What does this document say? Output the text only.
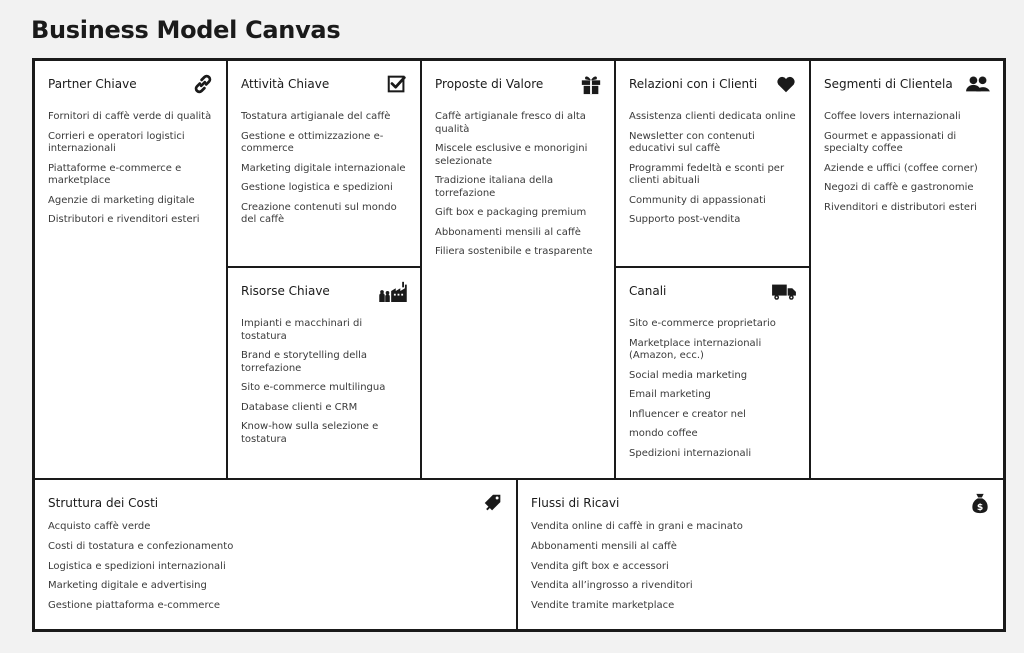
Business Model Canvas
Partner Chiave
Fornitori di caffè verde di qualità
Corrieri e operatori logistici internazionali
Piattaforme e-commerce e marketplace
Agenzie di marketing digitale
Distributori e rivenditori esteri
Attività Chiave
Tostatura artigianale del caffè
Gestione e ottimizzazione e-commerce
Marketing digitale internazionale
Gestione logistica e spedizioni
Creazione contenuti sul mondo del caffè
Risorse Chiave
Impianti e macchinari di tostatura
Brand e storytelling della torrefazione
Sito e-commerce multilingua
Database clienti e CRM
Know-how sulla selezione e tostatura
Proposte di Valore
Caffè artigianale fresco di alta qualità
Miscele esclusive e monorigini selezionate
Tradizione italiana della torrefazione
Gift box e packaging premium
Abbonamenti mensili al caffè
Filiera sostenibile e trasparente
Relazioni con i Clienti
Assistenza clienti dedicata online
Newsletter con contenuti educativi sul caffè
Programmi fedeltà e sconti per clienti abituali
Community di appassionati
Supporto post-vendita
Canali
Sito e-commerce proprietario
Marketplace internazionali (Amazon, ecc.)
Social media marketing
Email marketing
Influencer e creator nel
mondo coffee
Spedizioni internazionali
Segmenti di Clientela
Coffee lovers internazionali
Gourmet e appassionati di specialty coffee
Aziende e uffici (coffee corner)
Negozi di caffè e gastronomie
Rivenditori e distributori esteri
Struttura dei Costi
Acquisto caffè verde
Costi di tostatura e confezionamento
Logistica e spedizioni internazionali
Marketing digitale e advertising
Gestione piattaforma e-commerce
Flussi di Ricavi	$
Vendita online di caffè in grani e macinato
Abbonamenti mensili al caffè
Vendita gift box e accessori
Vendita all’ingrosso a rivenditori
Vendite tramite marketplace
